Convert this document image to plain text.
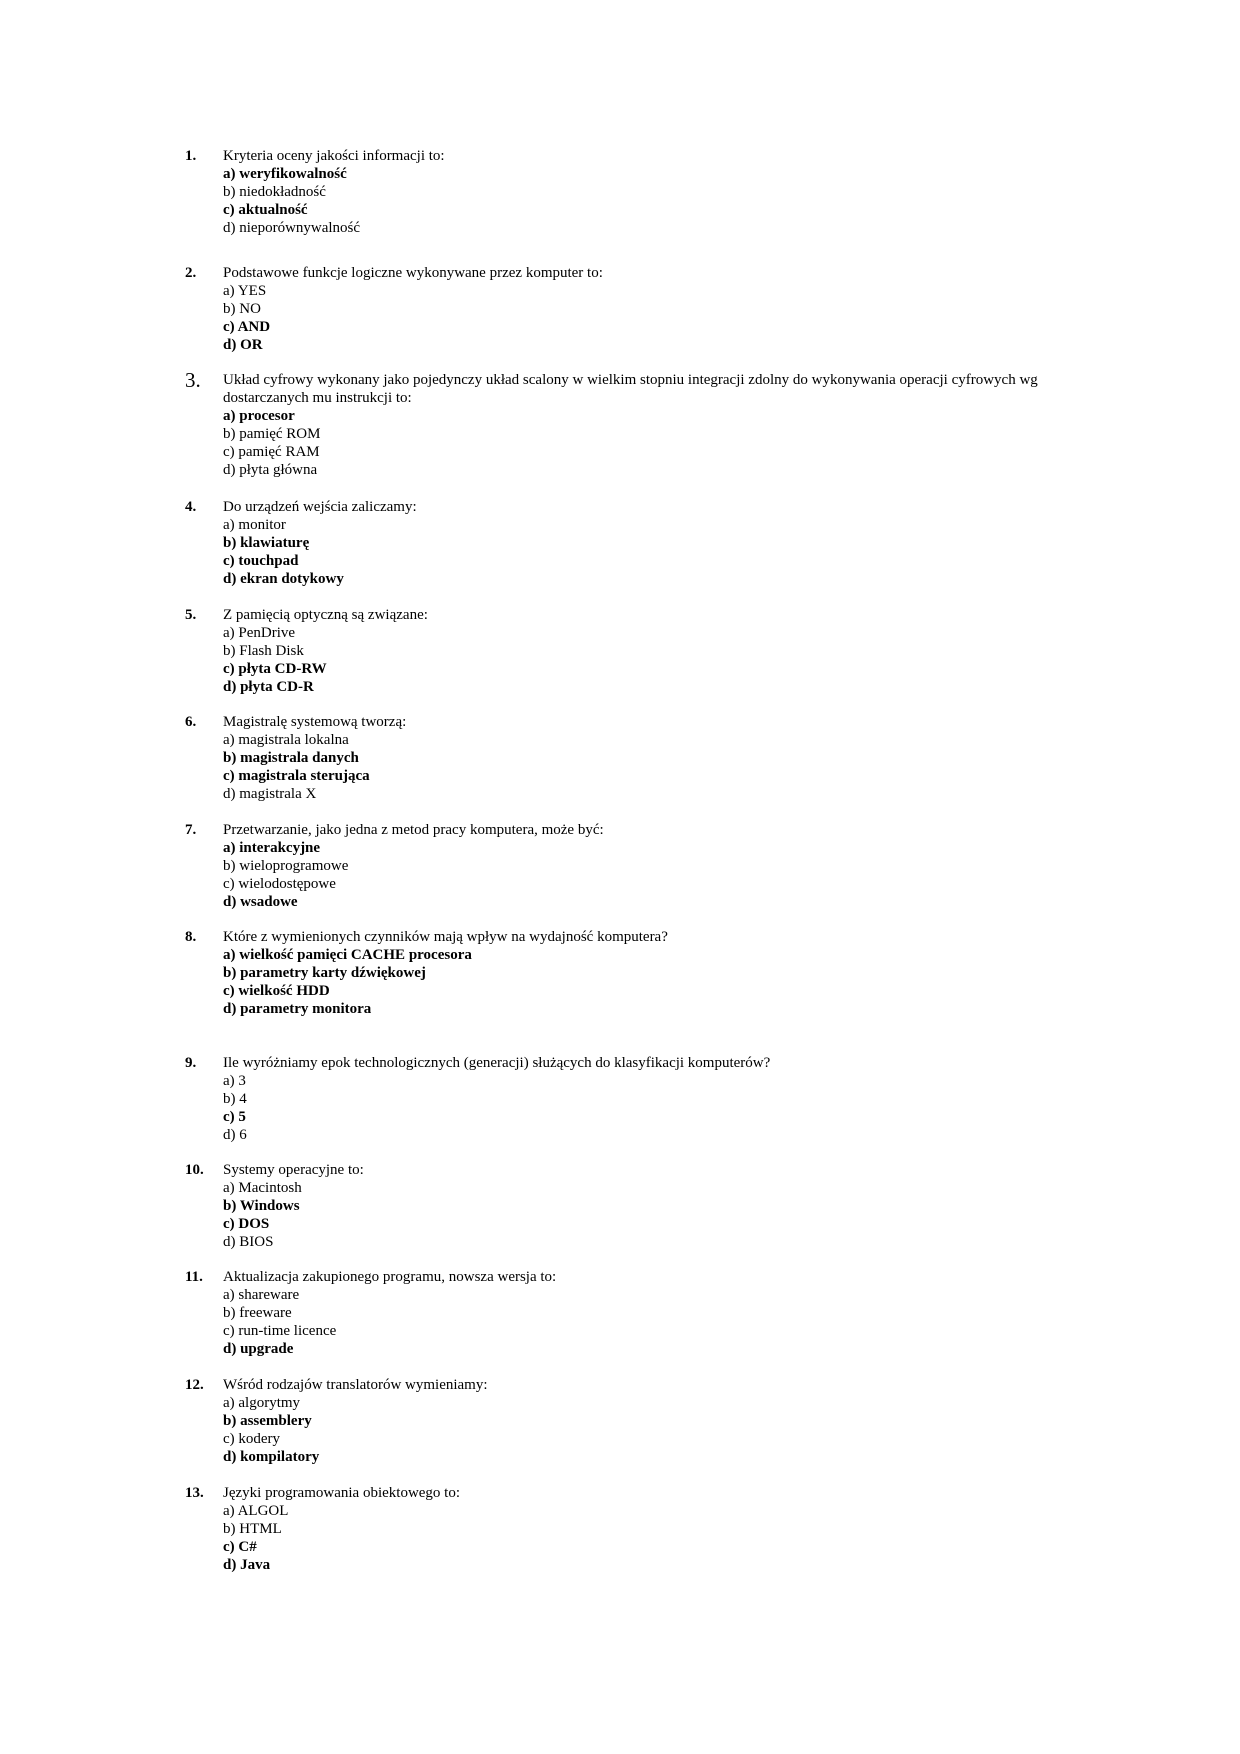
1.	Kryteria oceny jakości informacji to:
a) weryfikowalność
b) niedokładność
c) aktualność
d) nieporównywalność
2.	Podstawowe funkcje logiczne wykonywane przez komputer to:
a) YES
b) NO
c) AND
d) OR
3.	Układ cyfrowy wykonany jako pojedynczy układ scalony w wielkim stopniu integracji zdolny do wykonywania operacji cyfrowych wg dostarczanych mu instrukcji to:
a) procesor
b) pamięć ROM
c) pamięć RAM
d) płyta główna
4.	Do urządzeń wejścia zaliczamy:
a) monitor
b) klawiaturę
c) touchpad
d) ekran dotykowy
5.	Z pamięcią optyczną są związane:
a) PenDrive
b) Flash Disk
c) płyta CD-RW
d) płyta CD-R
6.	Magistralę systemową tworzą:
a) magistrala lokalna
b) magistrala danych
c) magistrala sterująca
d) magistrala X
7.	Przetwarzanie, jako jedna z metod pracy komputera, może być:
a) interakcyjne
b) wieloprogramowe
c) wielodostępowe
d) wsadowe
8.	Które z wymienionych czynników mają wpływ na wydajność komputera?
a) wielkość pamięci CACHE procesora
b) parametry karty dźwiękowej
c) wielkość HDD
d) parametry monitora
9.	Ile wyróżniamy epok technologicznych (generacji) służących do klasyfikacji komputerów?
a) 3
b) 4
c) 5
d) 6
10.	Systemy operacyjne to:
a) Macintosh
b) Windows
c) DOS
d) BIOS
11.	Aktualizacja zakupionego programu, nowsza wersja to:
a) shareware
b) freeware
c) run-time licence
d) upgrade
12.	Wśród rodzajów translatorów wymieniamy:
a) algorytmy
b) assemblery
c) kodery
d) kompilatory
13.	Języki programowania obiektowego to:
a) ALGOL
b) HTML
c) C#
d) Java
